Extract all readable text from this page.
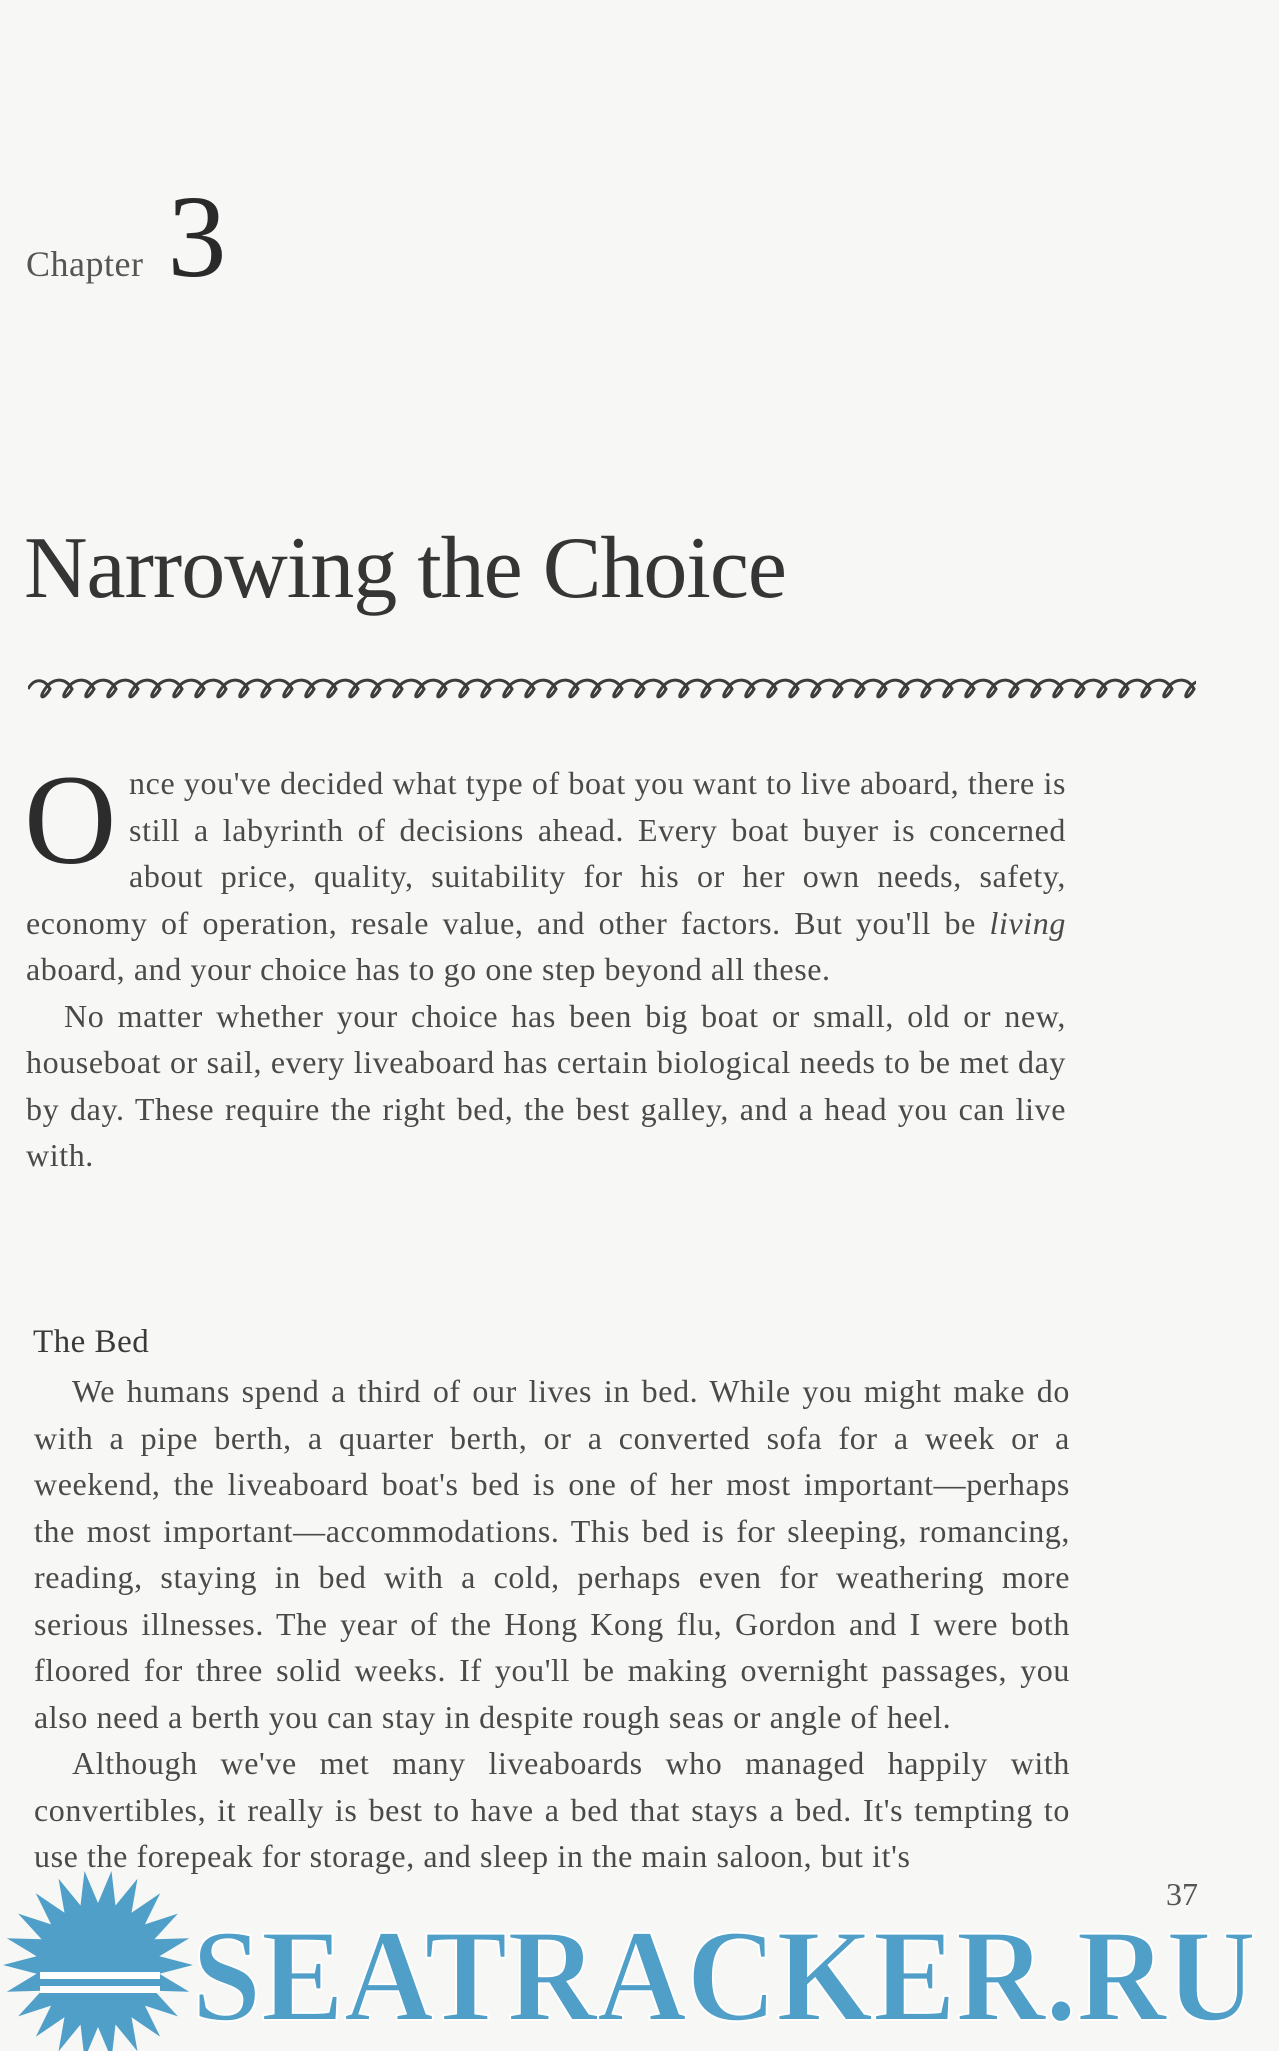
Chapter 3
Narrowing the Choice

Once you've decided what type of boat you want to live aboard, there is still a labyrinth of decisions ahead. Every boat buyer is concerned about price, quality, suitability for his or her own needs, safety, economy of operation, resale value, and other factors. But you'll be living aboard, and your choice has to go one step beyond all these.

No matter whether your choice has been big boat or small, old or new, houseboat or sail, every liveaboard has certain biological needs to be met day by day. These require the right bed, the best galley, and a head you can live with.

The Bed

We humans spend a third of our lives in bed. While you might make do with a pipe berth, a quarter berth, or a converted sofa for a week or a weekend, the liveaboard boat's bed is one of her most important—perhaps the most important—accommodations. This bed is for sleeping, romancing, reading, staying in bed with a cold, perhaps even for weathering more serious illnesses. The year of the Hong Kong flu, Gordon and I were both floored for three solid weeks. If you'll be making overnight passages, you also need a berth you can stay in despite rough seas or angle of heel.

Although we've met many liveaboards who managed happily with convertibles, it really is best to have a bed that stays a bed. It's tempting to use the forepeak for storage, and sleep in the main saloon, but it's

37
SEATRACKER.RU
